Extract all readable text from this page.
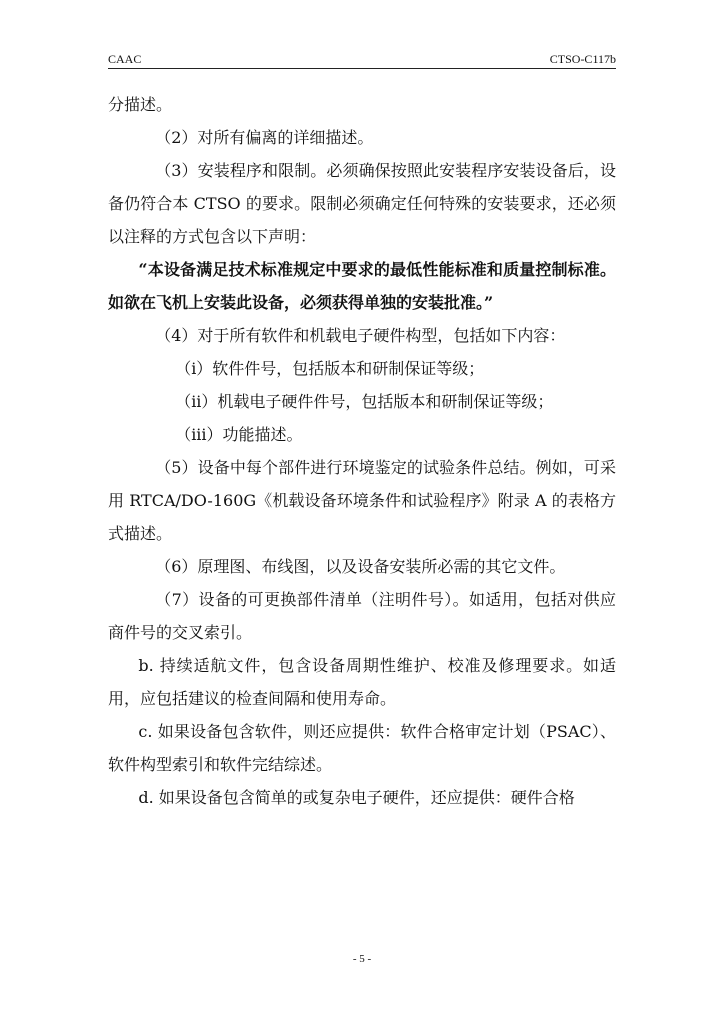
CAAC	CTSO-C117b

分描述。

（2）对所有偏离的详细描述。

（3）安装程序和限制。必须确保按照此安装程序安装设备后，设备仍符合本 CTSO 的要求。限制必须确定任何特殊的安装要求，还必须以注释的方式包含以下声明：

“本设备满足技术标准规定中要求的最低性能标准和质量控制标准。如欲在飞机上安装此设备，必须获得单独的安装批准。”

（4）对于所有软件和机载电子硬件构型，包括如下内容：

（i）软件件号，包括版本和研制保证等级；

（ii）机载电子硬件件号，包括版本和研制保证等级；

（iii）功能描述。

（5）设备中每个部件进行环境鉴定的试验条件总结。例如，可采用 RTCA/DO-160G《机载设备环境条件和试验程序》附录 A 的表格方式描述。

（6）原理图、布线图，以及设备安装所必需的其它文件。

（7）设备的可更换部件清单（注明件号）。如适用，包括对供应商件号的交叉索引。

b. 持续适航文件，包含设备周期性维护、校准及修理要求。如适用，应包括建议的检查间隔和使用寿命。

c. 如果设备包含软件，则还应提供：软件合格审定计划（PSAC）、软件构型索引和软件完结综述。

d. 如果设备包含简单的或复杂电子硬件，还应提供：硬件合格

- 5 -
